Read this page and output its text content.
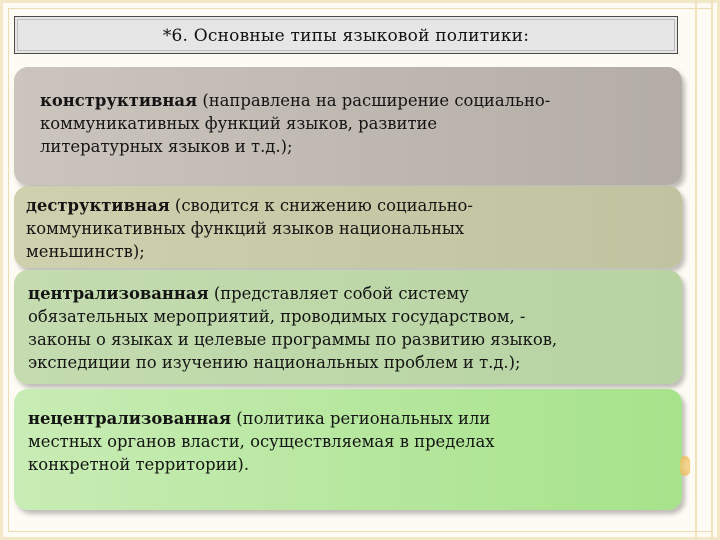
*6. Основные типы языковой политики:
конструктивная (направлена на расширение социально-
коммуникативных функций языков, развитие
литературных языков и т.д.);
деструктивная (сводится к снижению социально-
коммуникативных функций языков национальных
меньшинств);
централизованная (представляет собой систему
обязательных мероприятий, проводимых государством, -
законы о языках и целевые программы по развитию языков,
экспедиции по изучению национальных проблем и т.д.);
нецентрализованная (политика региональных или
местных органов власти, осуществляемая в пределах
конкретной территории).
